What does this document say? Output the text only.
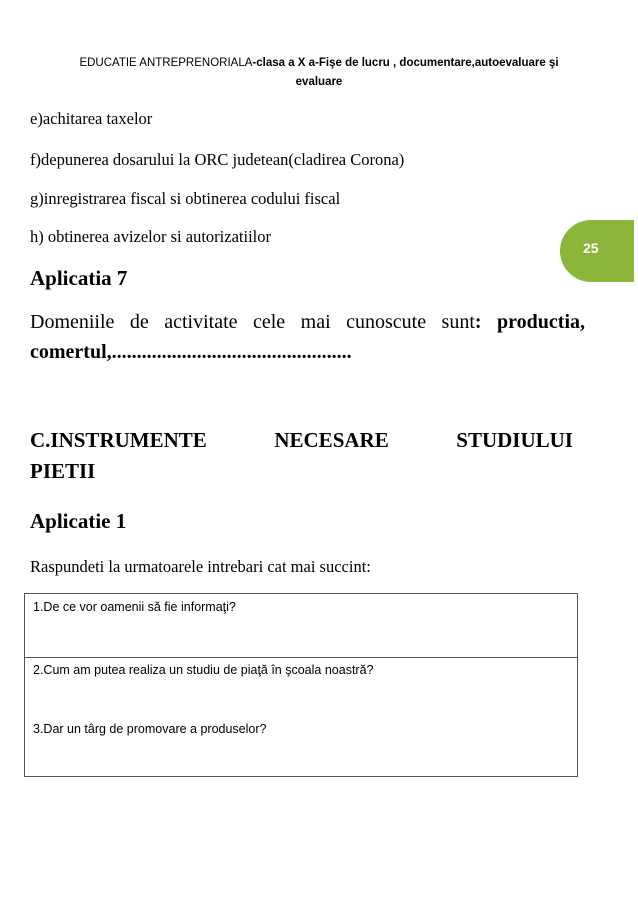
EDUCATIE ANTREPRENORIALA-clasa a X a-Fişe de lucru , documentare,autoevaluare şi
evaluare
25
e)achitarea taxelor
f)depunerea dosarului la ORC judetean(cladirea Corona)
g)inregistrarea fiscal si obtinerea codului fiscal
h) obtinerea avizelor si autorizatiilor
Aplicatia 7
Domeniile de activitate cele mai cunoscute sunt: productia, comertul,................................................
C.INSTRUMENTE	NECESARE	STUDIULUI
PIETII
Aplicatie 1
Raspundeti la urmatoarele intrebari cat mai succint:
1.De ce vor oamenii să fie informaţi?
2.Cum am putea realiza un studiu de piaţă în şcoala noastră?
3.Dar un târg de promovare a produselor?
